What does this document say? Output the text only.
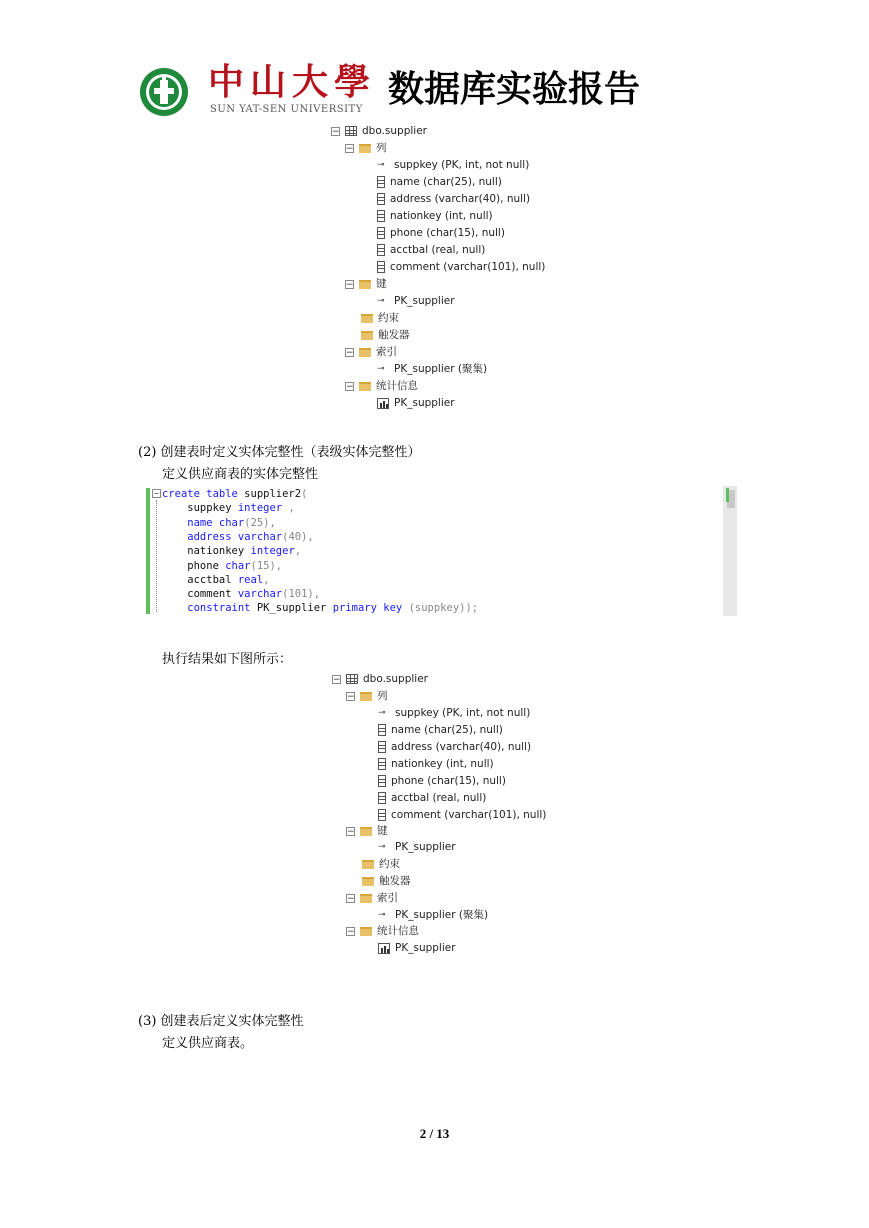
中山大學
SUN YAT-SEN UNIVERSITY 数据库实验报告
− dbo.supplier
− 列
⊸ suppkey (PK, int, not null)
name (char(25), null)
address (varchar(40), null)
nationkey (int, null)
phone (char(15), null)
acctbal (real, null)
comment (varchar(101), null)
− 键
⊸ PK_supplier
约束
触发器
− 索引
⊸ PK_supplier (聚集)
− 统计信息
PK_supplier
(2) 创建表时定义实体完整性（表级实体完整性）
定义供应商表的实体完整性
− create table supplier2(
suppkey integer ,
name char(25),
address varchar(40),
nationkey integer,
phone char(15),
acctbal real,
comment varchar(101),
constraint PK_supplier primary key (suppkey));
执行结果如下图所示：
− dbo.supplier
− 列
⊸ suppkey (PK, int, not null)
name (char(25), null)
address (varchar(40), null)
nationkey (int, null)
phone (char(15), null)
acctbal (real, null)
comment (varchar(101), null)
− 键
⊸ PK_supplier
约束
触发器
− 索引
⊸ PK_supplier (聚集)
− 统计信息
PK_supplier
(3) 创建表后定义实体完整性
定义供应商表。
2 / 13
